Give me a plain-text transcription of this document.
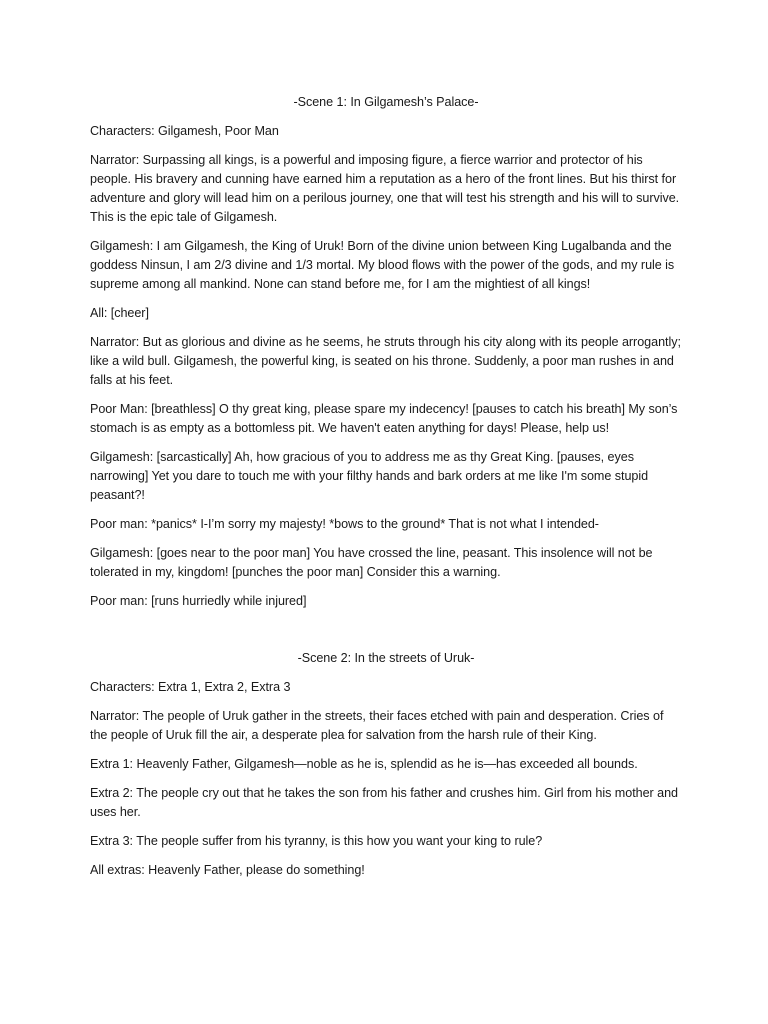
-Scene 1: In Gilgamesh’s Palace-

Characters: Gilgamesh, Poor Man

Narrator: Surpassing all kings, is a powerful and imposing figure, a fierce warrior and protector of his people. His bravery and cunning have earned him a reputation as a hero of the front lines. But his thirst for adventure and glory will lead him on a perilous journey, one that will test his strength and his will to survive. This is the epic tale of Gilgamesh.

Gilgamesh: I am Gilgamesh, the King of Uruk! Born of the divine union between King Lugalbanda and the goddess Ninsun, I am 2/3 divine and 1/3 mortal. My blood flows with the power of the gods, and my rule is supreme among all mankind. None can stand before me, for I am the mightiest of all kings!

All: [cheer]

Narrator: But as glorious and divine as he seems, he struts through his city along with its people arrogantly; like a wild bull. Gilgamesh, the powerful king, is seated on his throne. Suddenly, a poor man rushes in and falls at his feet.

Poor Man: [breathless] O thy great king, please spare my indecency! [pauses to catch his breath] My son’s stomach is as empty as a bottomless pit. We haven't eaten anything for days! Please, help us!

Gilgamesh: [sarcastically] Ah, how gracious of you to address me as thy Great King. [pauses, eyes narrowing] Yet you dare to touch me with your filthy hands and bark orders at me like I'm some stupid peasant?!

Poor man: *panics* I-I’m sorry my majesty! *bows to the ground* That is not what I intended-

Gilgamesh: [goes near to the poor man] You have crossed the line, peasant. This insolence will not be tolerated in my, kingdom! [punches the poor man] Consider this a warning.

Poor man: [runs hurriedly while injured]

-Scene 2: In the streets of Uruk-

Characters: Extra 1, Extra 2, Extra 3

Narrator: The people of Uruk gather in the streets, their faces etched with pain and desperation. Cries of the people of Uruk fill the air, a desperate plea for salvation from the harsh rule of their King.

Extra 1: Heavenly Father, Gilgamesh—noble as he is, splendid as he is—has exceeded all bounds.

Extra 2: The people cry out that he takes the son from his father and crushes him. Girl from his mother and uses her.

Extra 3: The people suffer from his tyranny, is this how you want your king to rule?

All extras: Heavenly Father, please do something!
